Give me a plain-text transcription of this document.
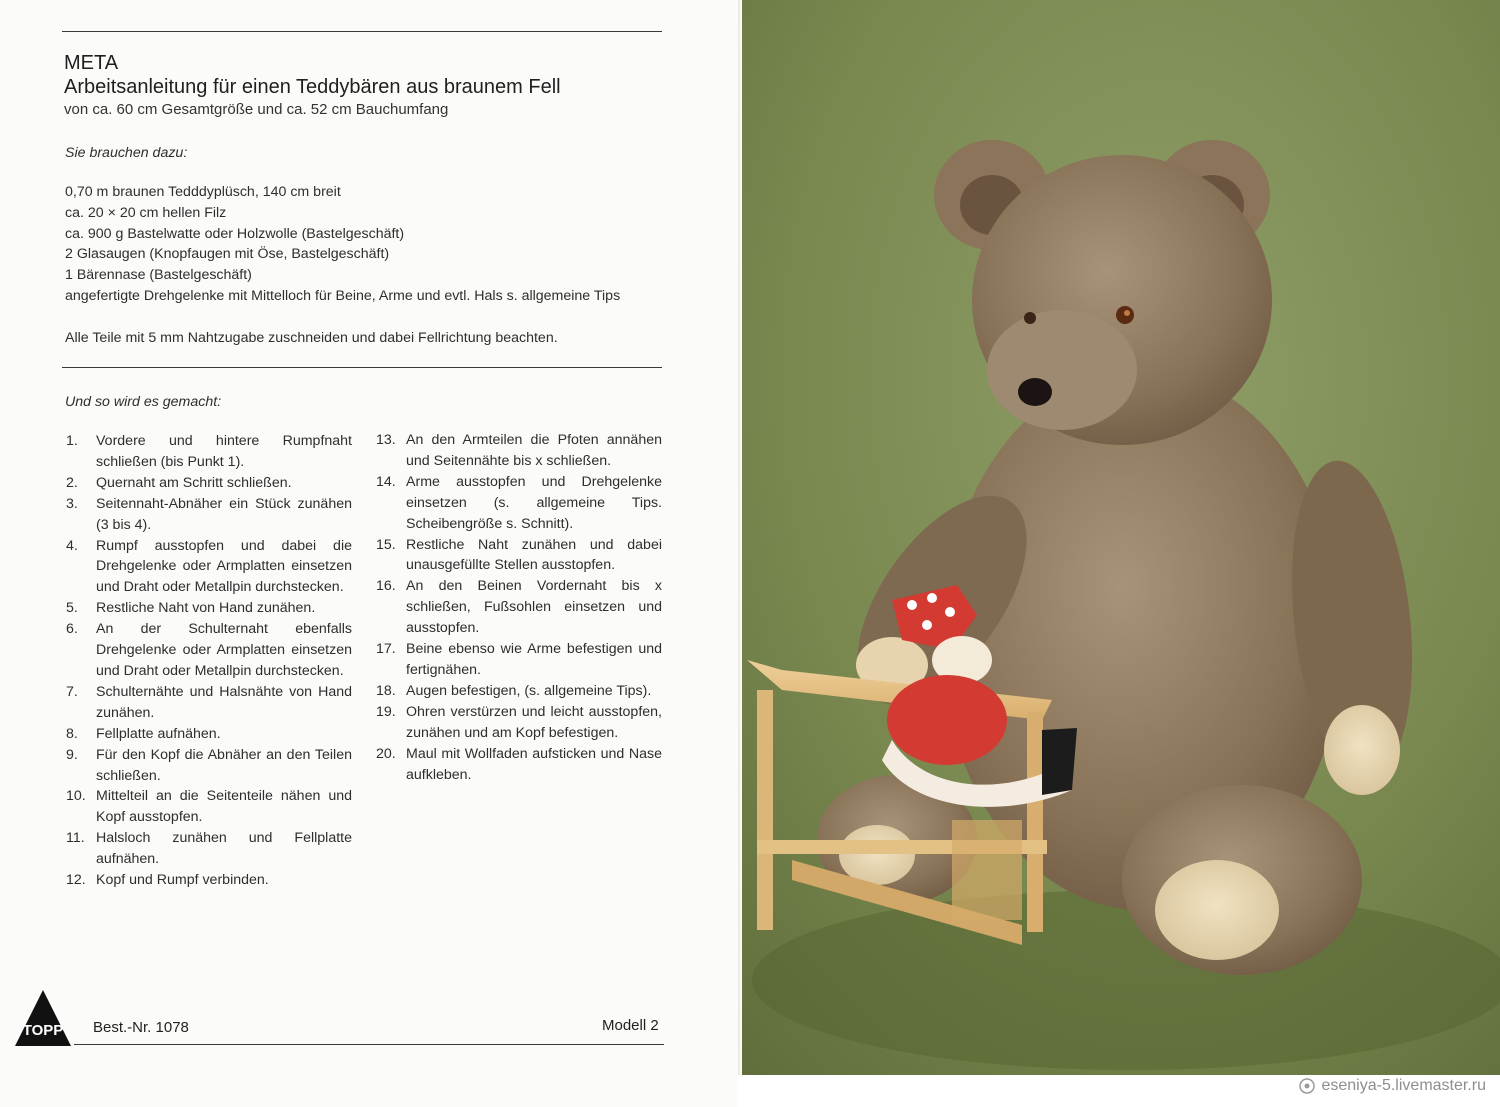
META
Arbeitsanleitung für einen Teddybären aus braunem Fell
von ca. 60 cm Gesamtgröße und ca. 52 cm Bauchumfang
Sie brauchen dazu:
0,70 m braunen Tedddyplüsch, 140 cm breit
ca. 20 × 20 cm hellen Filz
ca. 900 g Bastelwatte oder Holzwolle (Bastelgeschäft)
2 Glasaugen (Knopfaugen mit Öse, Bastelgeschäft)
1 Bärennase (Bastelgeschäft)
angefertigte Drehgelenke mit Mittelloch für Beine, Arme und evtl. Hals s. allgemeine Tips
Alle Teile mit 5 mm Nahtzugabe zuschneiden und dabei Fellrichtung beachten.
Und so wird es gemacht:
1.	Vordere und hintere Rumpfnaht schließen (bis Punkt 1).
2.	Quernaht am Schritt schließen.
3.	Seitennaht-Abnäher ein Stück zunähen (3 bis 4).
4.	Rumpf ausstopfen und dabei die Drehgelenke oder Armplatten einsetzen und Draht oder Metallpin durchstecken.
5.	Restliche Naht von Hand zunähen.
6.	An der Schulternaht ebenfalls Drehgelenke oder Armplatten einsetzen und Draht oder Metallpin durchstecken.
7.	Schulternähte und Halsnähte von Hand zunähen.
8.	Fellplatte aufnähen.
9.	Für den Kopf die Abnäher an den Teilen schließen.
10. Mittelteil an die Seitenteile nähen und Kopf ausstopfen.
11. Halsloch zunähen und Fellplatte aufnähen.
12. Kopf und Rumpf verbinden.
13. An den Armteilen die Pfoten annähen und Seitennähte bis x schließen.
14. Arme ausstopfen und Drehgelenke einsetzen (s. allgemeine Tips. Scheibengröße s. Schnitt).
15. Restliche Naht zunähen und dabei unausgefüllte Stellen ausstopfen.
16. An den Beinen Vordernaht bis x schließen, Fußsohlen einsetzen und ausstopfen.
17. Beine ebenso wie Arme befestigen und fertignähen.
18. Augen befestigen, (s. allgemeine Tips).
19. Ohren verstürzen und leicht ausstopfen, zunähen und am Kopf befestigen.
20. Maul mit Wollfaden aufsticken und Nase aufkleben.
TOPP Best.-Nr. 1078	Modell 2
eseniya-5.livemaster.ru
